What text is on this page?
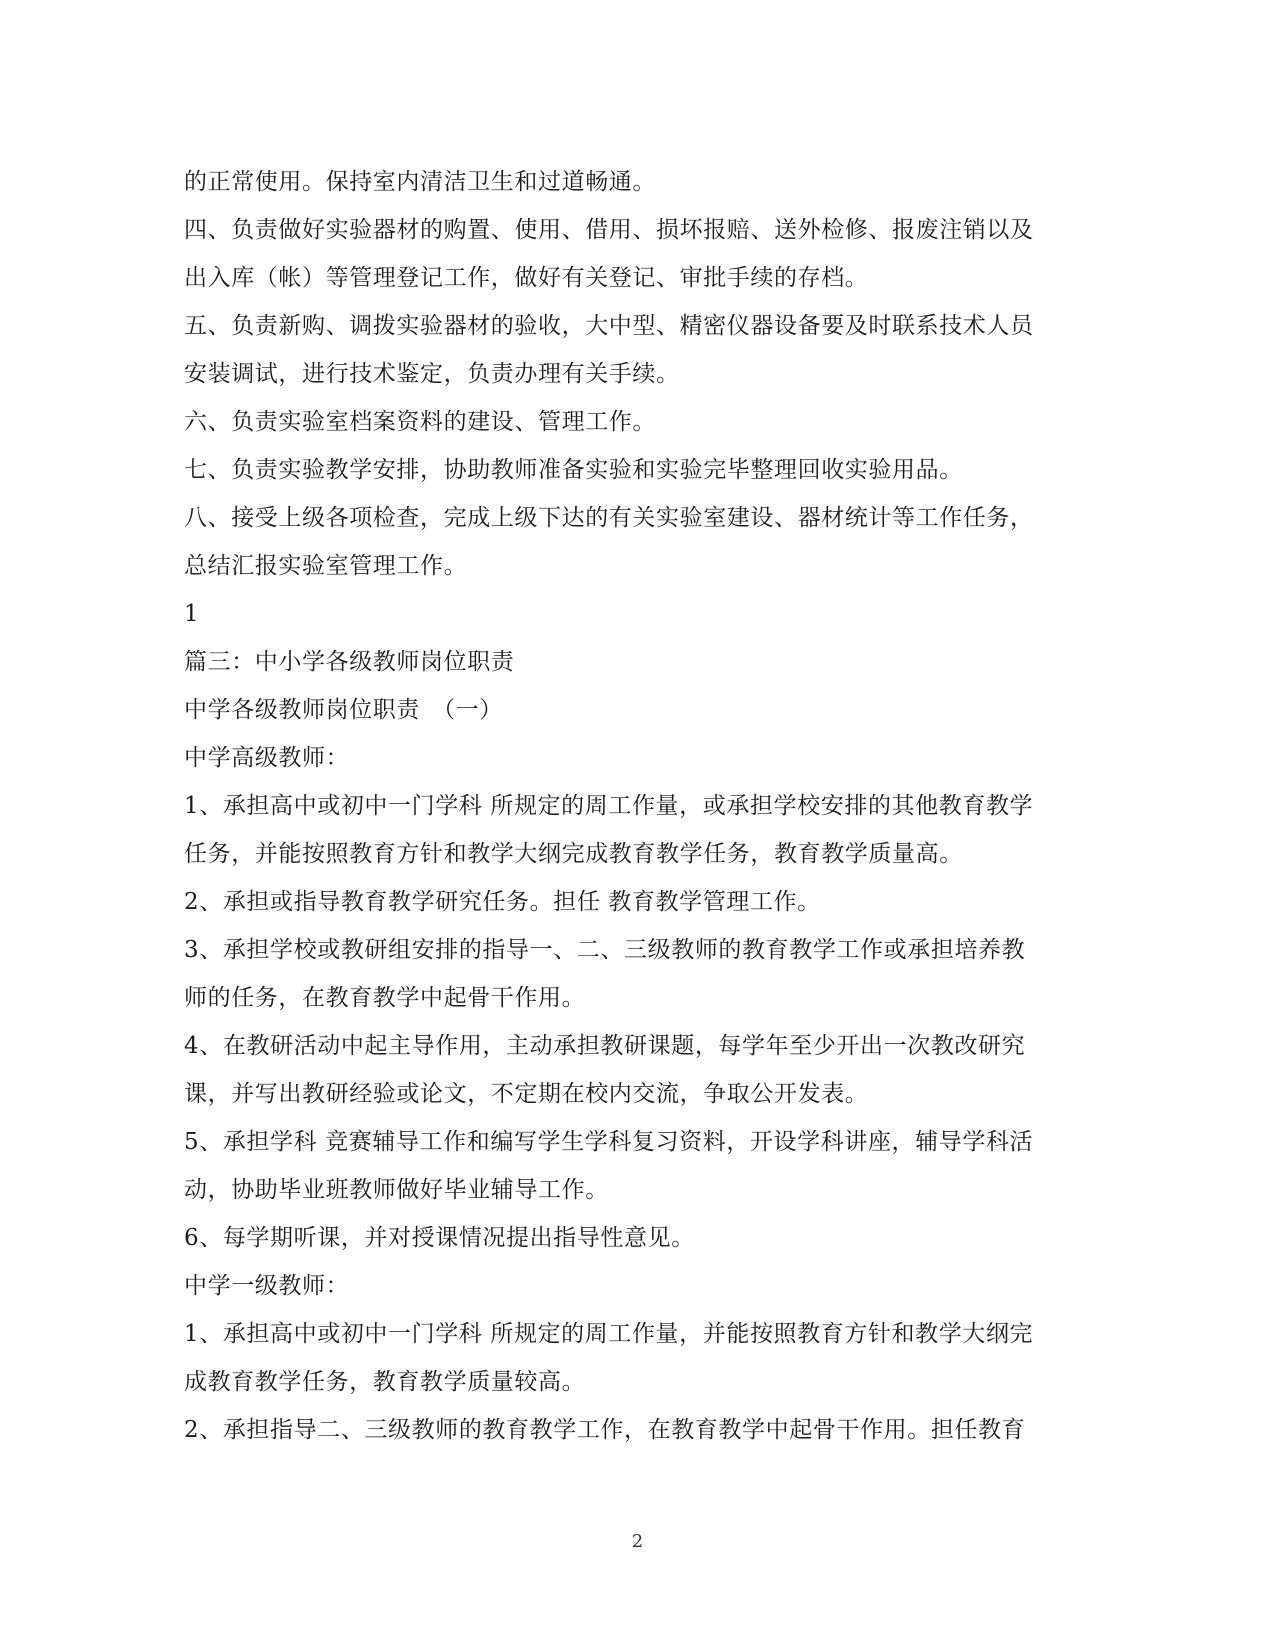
的正常使用。保持室内清洁卫生和过道畅通。
四、负责做好实验器材的购置、使用、借用、损坏报赔、送外检修、报废注销以及
出入库（帐）等管理登记工作，做好有关登记、审批手续的存档。
五、负责新购、调拨实验器材的验收，大中型、精密仪器设备要及时联系技术人员
安装调试，进行技术鉴定，负责办理有关手续。
六、负责实验室档案资料的建设、管理工作。
七、负责实验教学安排，协助教师准备实验和实验完毕整理回收实验用品。
八、接受上级各项检查，完成上级下达的有关实验室建设、器材统计等工作任务，
总结汇报实验室管理工作。
1
篇三：中小学各级教师岗位职责
中学各级教师岗位职责　（一）
中学高级教师：
1、承担高中或初中一门学科 所规定的周工作量，或承担学校安排的其他教育教学
任务，并能按照教育方针和教学大纲完成教育教学任务，教育教学质量高。
2、承担或指导教育教学研究任务。担任 教育教学管理工作。
3、承担学校或教研组安排的指导一、二、三级教师的教育教学工作或承担培养教
师的任务，在教育教学中起骨干作用。
4、在教研活动中起主导作用，主动承担教研课题，每学年至少开出一次教改研究
课，并写出教研经验或论文，不定期在校内交流，争取公开发表。
5、承担学科 竞赛辅导工作和编写学生学科复习资料，开设学科讲座，辅导学科活
动，协助毕业班教师做好毕业辅导工作。
6、每学期听课，并对授课情况提出指导性意见。
中学一级教师：
1、承担高中或初中一门学科 所规定的周工作量，并能按照教育方针和教学大纲完
成教育教学任务，教育教学质量较高。
2、承担指导二、三级教师的教育教学工作，在教育教学中起骨干作用。担任教育
2
